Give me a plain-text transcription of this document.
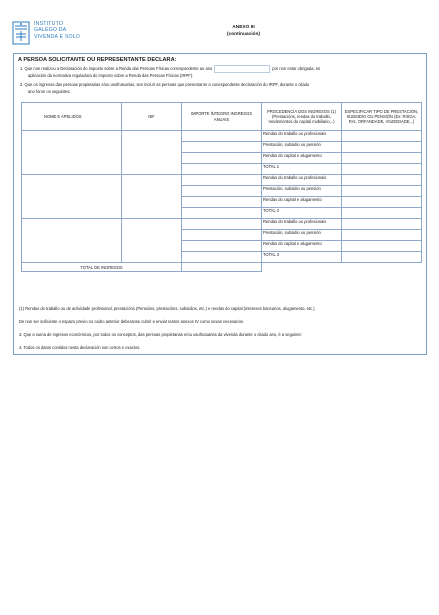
INSTITUTO
GALEGO DA
VIVENDA E SOLO
ANEXO III
(continuación)
A PERSOA SOLICITANTE OU REPRESENTANTE DECLARA:
1. Que non realizou a Declaración do imposto sobre a Renda das Persoas Físicas correspondente ao ano	por non estar obrigada, en
aplicación da normativa reguladora do imposto sobre a Renda das Persoas Físicas (IRPF).
2. Que os ingresos das persoas propietarias e/ou usufrutuarias, sen incluír as persoas que presentaron a conespondente declaración do IRPF, durante o citado
ano foron os seguintes:
NOME E APELIDOS	NIF	IMPORTE ÍNTEGRO INGRESOS ANUAIS	PROCEDENCIA DOS INGRESOS (1) (Prestacións, rendas do traballo, rendementos do capital mobiliario,..)	ESPECIFICAR TIPO DE PRESTACIÓN, SUBSIDIO OU PENSIÓN (Ex: RISGA, RAI, ORFANDADE, VIUDEDADE,..)
			Rendas do traballo ou profesionais	
			Prestación, subsidio ou pensión	
			Rendas do capital e alugamento	
			TOTAL 1	
			Rendas do traballo ou profesionais	
			Prestación, subsidio ou pensión	
			Rendas do capital e alugamento	
			TOTAL 2	
			Rendas do traballo ou profesionais	
			Prestación, subsidio ou pensión	
			Rendas do capital e alugamento	
			TOTAL 3	
TOTAL DE INGRESOS				
(1) Rendas do traballo ou de actividade profesional, prestacións (Pensións, prestacións, subsidios, etc.) e rendas do capital (intereses bancarios, alugamento, etc.)
De non ser suficiente o espazo previo no cadro anterior deberanse cubrir e enviar tantos anexos IV como sexan necesarios.
3. Que a suma de ingresos económicos, por todos os conceptos, das persoas propietarias e/ou usufrutuarias da vivenda durante o citado ano, é a seguinte:
4. Todos os datos contidos nesta declaración son certos e exactos.
